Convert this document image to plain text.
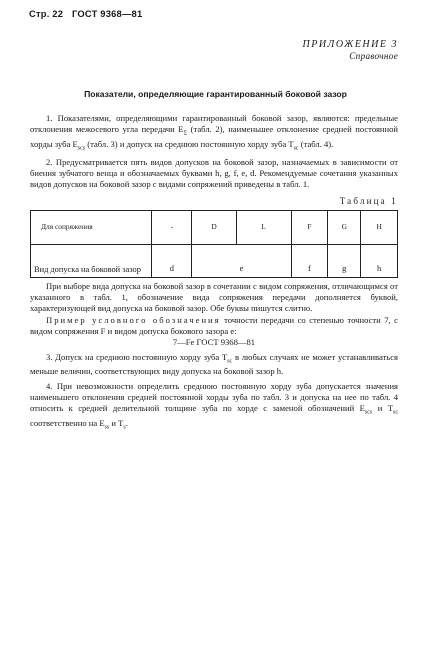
Стр. 22 ГОСТ 9368—81
ПРИЛОЖЕНИЕ 3
Справочное
Показатели, определяющие гарантированный боковой зазор

1. Показателями, определяющими гарантированный боковой зазор, являются: предельные отклонения межосевого угла передачи $E_\Sigma$ (табл. 2), наименьшее отклонение средней постоянной хорды зуба $E_{scs}$ (табл. 3) и допуск на среднюю постоянную хорду зуба $T_{sc}$ (табл. 4).

2. Предусматривается пять видов допусков на боковой зазор, назначаемых в зависимости от биения зубчатого венца и обозначаемых буквами h, g, f, e, d. Рекомендуемые сочетания указанных видов допусков на боковой зазор с видами сопряжений приведены в табл. 1.

Таблица 1
Для сопряжения	-	D	L	F	G	H
Вид допуска на боковой зазор	d	e		f	g	h

При выборе вида допуска на боковой зазор в сочетании с видом сопряжения, отличающимся от указанного в табл. 1, обозначение вида сопряжения передачи дополняется буквой, характеризующей вид допуска на боковой зазор. Обе буквы пишутся слитно.

Пример условного обозначения точности передачи со степенью точности 7, с видом сопряжения F и видом допуска бокового зазора e:

7—Fe ГОСТ 9368—81

3. Допуск на среднюю постоянную хорду зуба $T_{sc}$ в любых случаях не может устанавливаться меньше величин, соответствующих виду допуска на боковой зазор h.

4. При невозможности определить среднюю постоянную хорду зуба допускается значения наименьшего отклонения средней постоянной хорды зуба по табл. 3 и допуска на нее по табл. 4 относить к средней делительной толщине зуба по хорде с заменой обозначений $E_{scs}$ и $T_{sc}$ соответственно на $E_{ss}$ и $T_s$.
